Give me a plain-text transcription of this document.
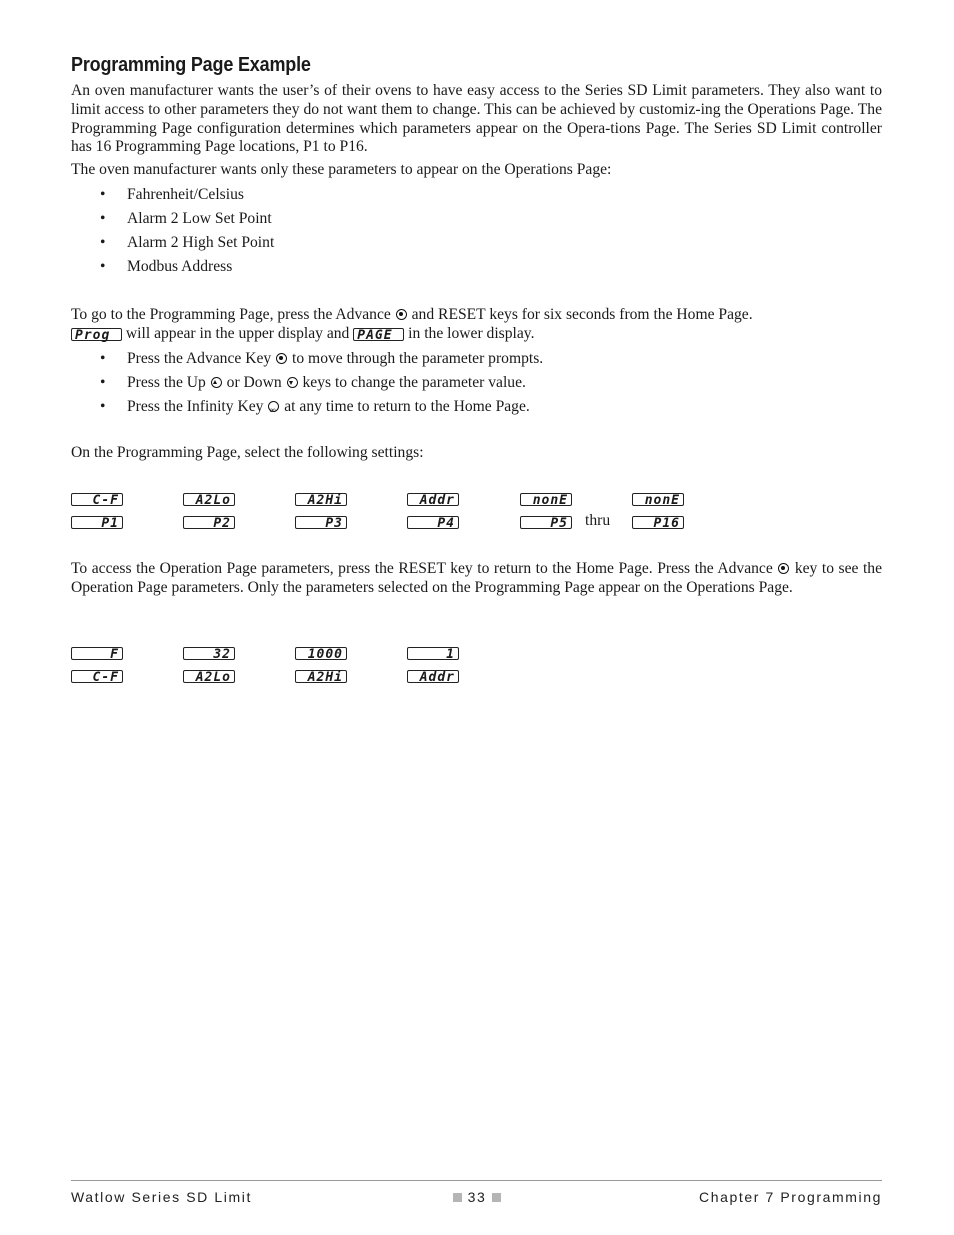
Programming Page Example

An oven manufacturer wants the user’s of their ovens to have easy access to the Series SD Limit parameters. They also want to limit access to other parameters they do not want them to change. This can be achieved by customiz-ing the Operations Page. The Programming Page configuration determines which parameters appear on the Opera-tions Page. The Series SD Limit controller has 16 Programming Page locations, P1 to P16.

The oven manufacturer wants only these parameters to appear on the Operations Page:

• Fahrenheit/Celsius
• Alarm 2 Low Set Point
• Alarm 2 High Set Point
• Modbus Address

To go to the Programming Page, press the Advance and RESET keys for six seconds from the Home Page.
Prog will appear in the upper display and PAGE in the lower display.

• Press the Advance Key to move through the parameter prompts.
• Press the Up or Down keys to change the parameter value.
• Press the Infinity Key ∞ at any time to return to the Home Page.

On the Programming Page, select the following settings:

C-F
P1
A2Lo
P2
A2Hi
P3
Addr
P4
nonE
P5 thru
nonE
P16

To access the Operation Page parameters, press the RESET key to return to the Home Page. Press the Advance key to see the Operation Page parameters. Only the parameters selected on the Programming Page appear on the Operations Page.

F
C-F
32
A2Lo
1000
A2Hi
1
Addr
Watlow Series SD Limit	33	Chapter 7 Programming
